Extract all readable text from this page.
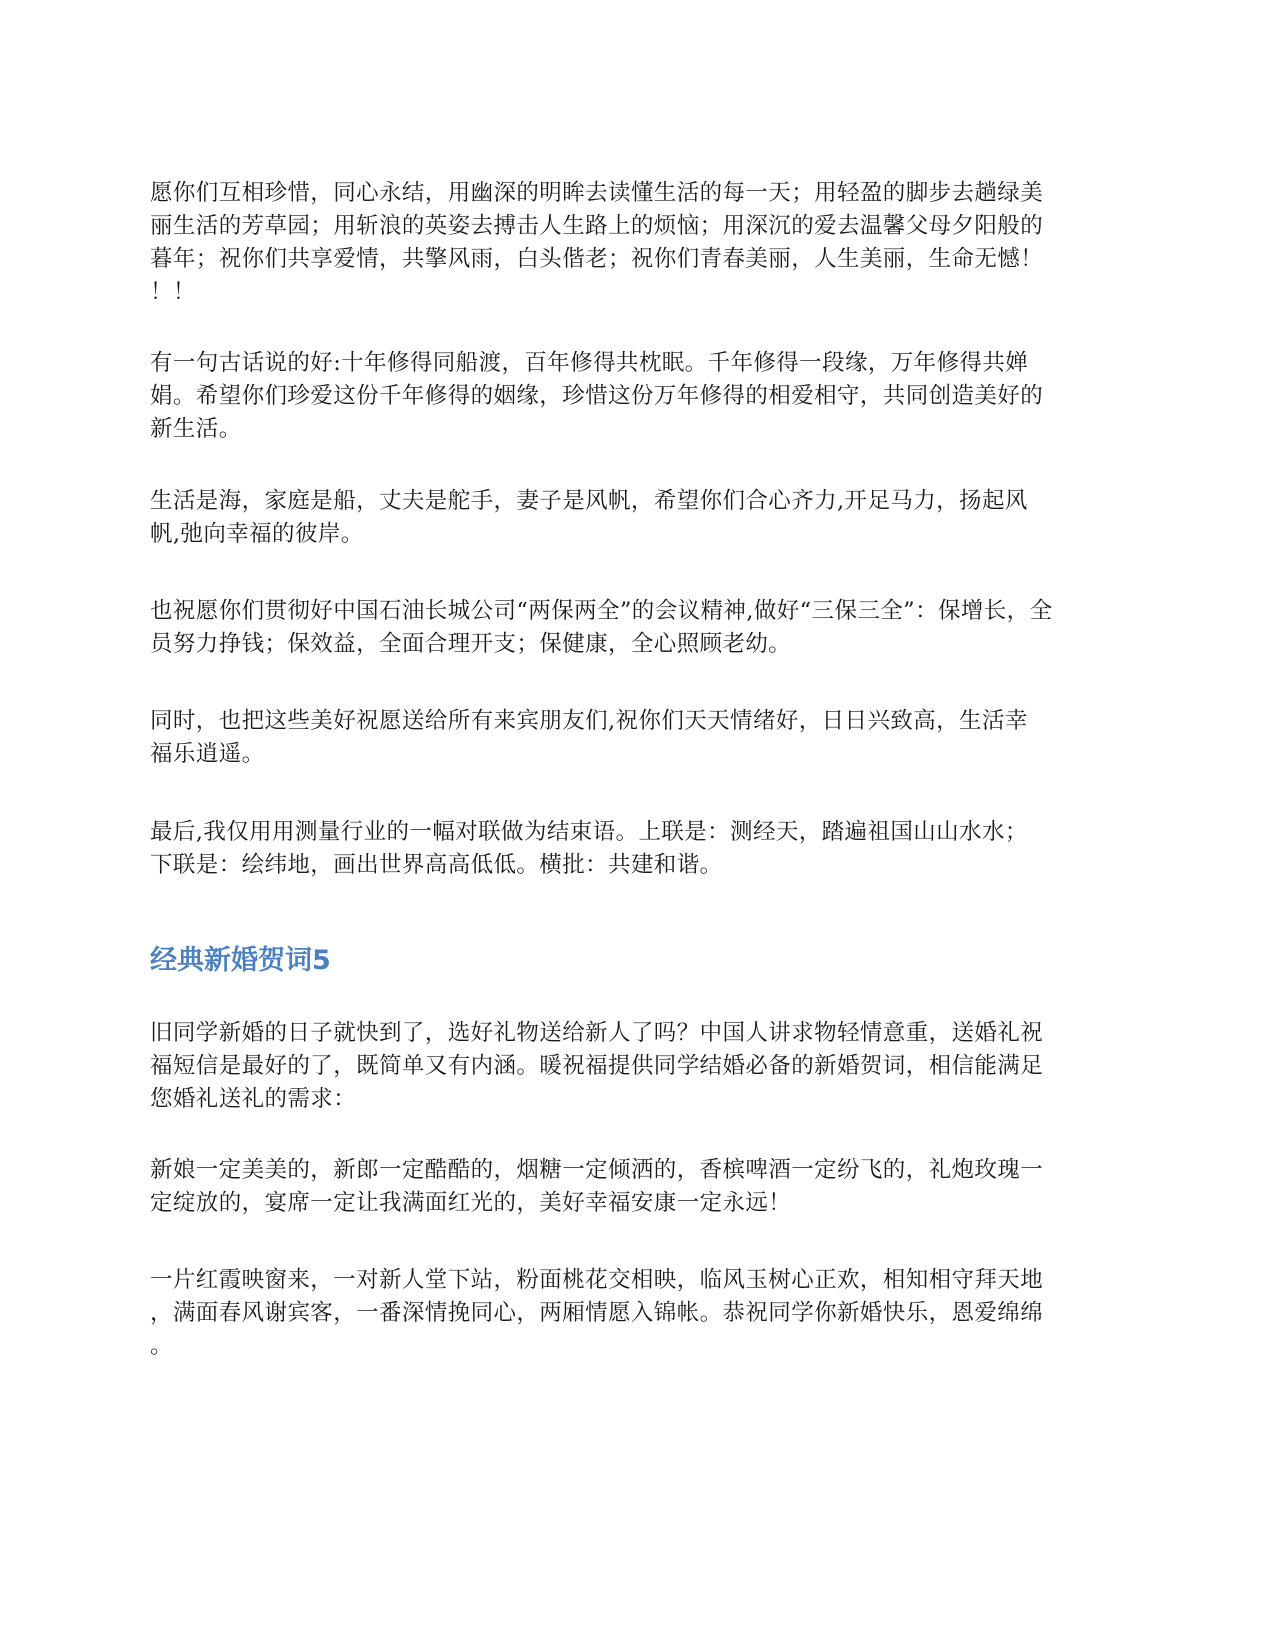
愿你们互相珍惜，同心永结，用幽深的明眸去读懂生活的每一天；用轻盈的脚步去趟绿美
丽生活的芳草园；用斩浪的英姿去搏击人生路上的烦恼；用深沉的爱去温馨父母夕阳般的
暮年；祝你们共享爱情，共擎风雨，白头偕老；祝你们青春美丽，人生美丽，生命无憾！
！！

有一句古话说的好:十年修得同船渡，百年修得共枕眠。千年修得一段缘，万年修得共婵
娟。希望你们珍爱这份千年修得的姻缘，珍惜这份万年修得的相爱相守，共同创造美好的
新生活。

生活是海，家庭是船，丈夫是舵手，妻子是风帆，希望你们合心齐力,开足马力，扬起风
帆,弛向幸福的彼岸。

也祝愿你们贯彻好中国石油长城公司“两保两全”的会议精神,做好“三保三全”：保增长，全
员努力挣钱；保效益，全面合理开支；保健康，全心照顾老幼。

同时，也把这些美好祝愿送给所有来宾朋友们,祝你们天天情绪好，日日兴致高，生活幸
福乐逍遥。

最后,我仅用用测量行业的一幅对联做为结束语。上联是：测经天，踏遍祖国山山水水；
下联是：绘纬地，画出世界高高低低。横批：共建和谐。

经典新婚贺词5

旧同学新婚的日子就快到了，选好礼物送给新人了吗？中国人讲求物轻情意重，送婚礼祝
福短信是最好的了，既简单又有内涵。暖祝福提供同学结婚必备的新婚贺词，相信能满足
您婚礼送礼的需求：

新娘一定美美的，新郎一定酷酷的，烟糖一定倾洒的，香槟啤酒一定纷飞的，礼炮玫瑰一
定绽放的，宴席一定让我满面红光的，美好幸福安康一定永远！

一片红霞映窗来，一对新人堂下站，粉面桃花交相映，临风玉树心正欢，相知相守拜天地
，满面春风谢宾客，一番深情挽同心，两厢情愿入锦帐。恭祝同学你新婚快乐，恩爱绵绵
。
